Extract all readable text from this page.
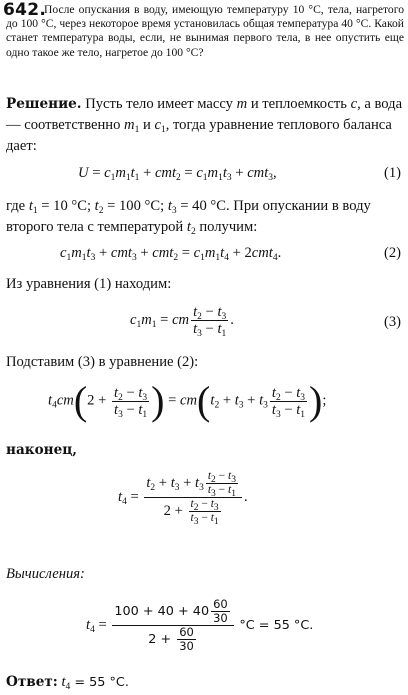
642.
После опускания в воду, имеющую температуру 10 °С, тела, нагретого до 100 °С, через некоторое время установилась общая температура 40 °С. Какой станет температура воды, если, не вынимая первого тела, в нее опустить еще одно такое же тело, нагретое до 100 °С?
Решение. Пусть тело имеет массу m и теплоемкость c, а вода — соответственно $m_1$ и $c_1$, тогда уравнение теплового баланса дает:
$U = c_1m_1t_1 + cmt_2 = c_1m_1t_3 + cmt_3$,	(1)
где $t_1 = 10$ °С; $t_2 = 100$ °С; $t_3 = 40$ °С. При опускании в воду второго тела с температурой $t_2$ получим:
$c_1m_1t_3 + cmt_3 + cmt_2 = c_1m_1t_4 + 2cmt_4$.	(2)
Из уравнения (1) находим:
$c_1m_1$ = cm $\frac{t_2 - t_3}{t_3 - t_1}$ .	(3)
Подставим (3) в уравнение (2):
$t_4cm(2 + \frac{t_2 - t_3}{t_3 - t_1}$ ) = $cm(t_2 + t_3 + t_3 \frac{t_2 - t_3}{t_3 - t_1}$ );
наконец,
$t_4 = \frac{t_2 + t_3 + t_3 \frac{t_2 - t_3}{t_3 - t_1}}{2 + \frac{t_2 - t_3}{t_3 - t_1}}$ .
Вычисления:
$t_4 = \frac{100 + 40 + 40 \frac{60}{30}}{2 + \frac{60}{30}} ^\circ С = 55$ °С.
Ответ: $t_4 = 55$ °С.
